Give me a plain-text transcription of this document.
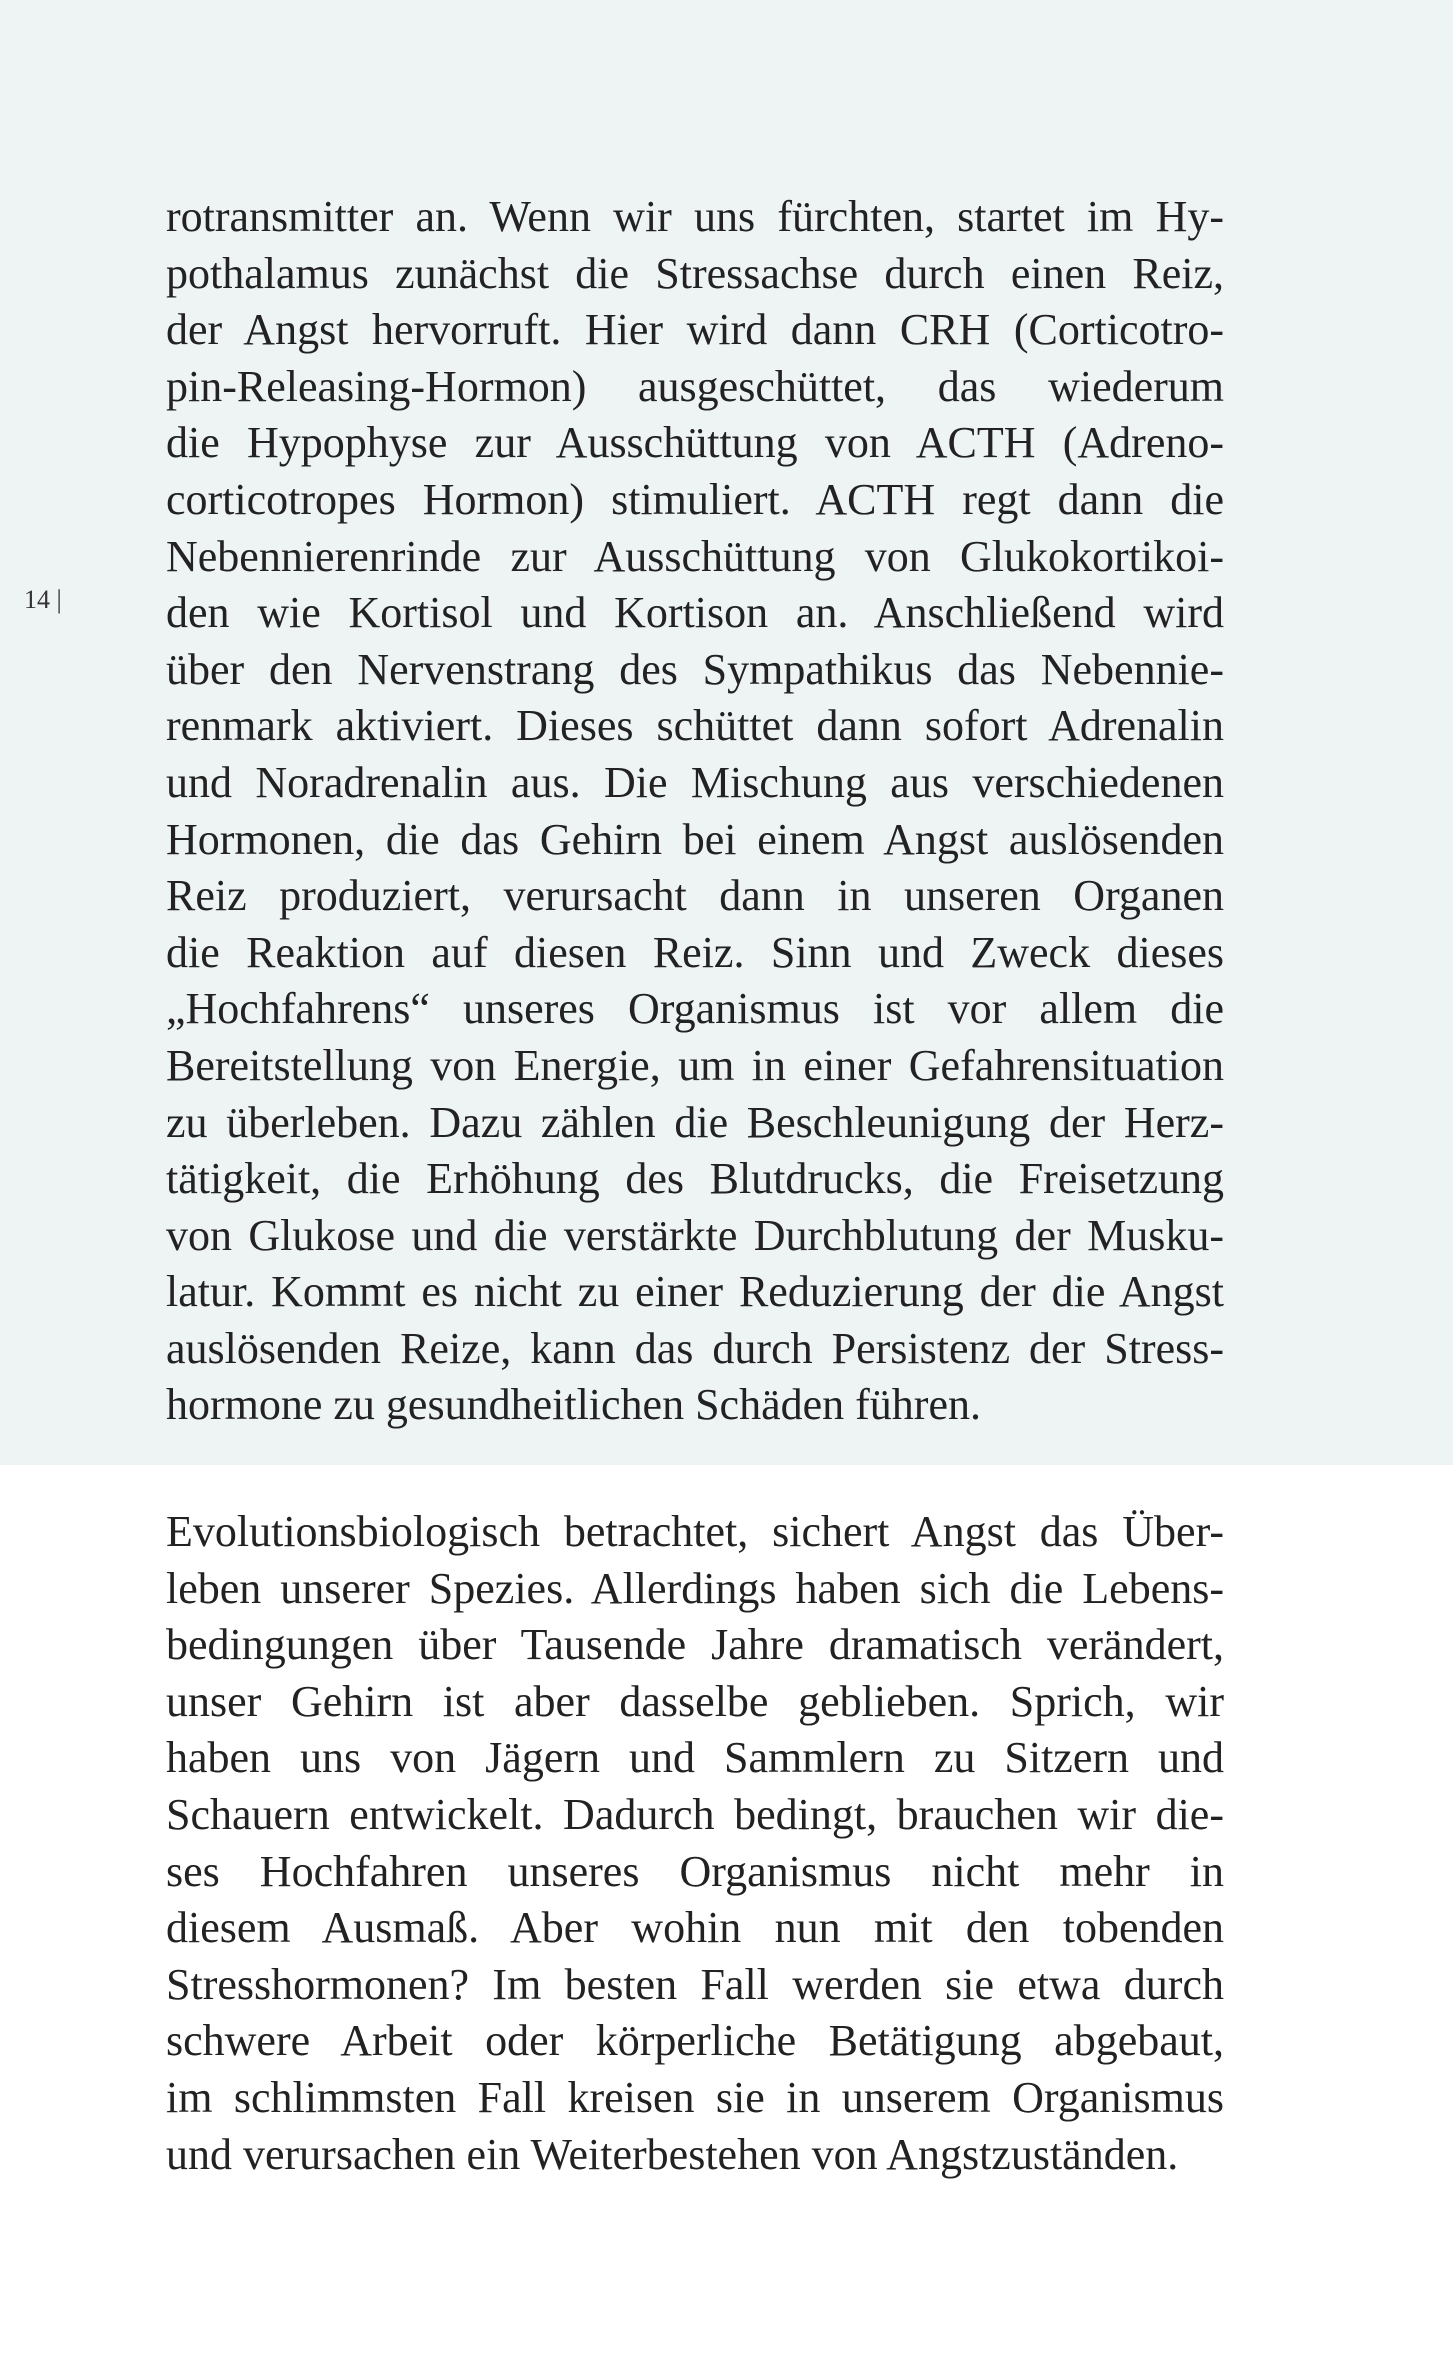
14 |
rotransmitter an. Wenn wir uns fürchten, startet im Hy-
pothalamus zunächst die Stressachse durch einen Reiz,
der Angst hervorruft. Hier wird dann CRH (Corticotro-
pin-Releasing-Hormon) ausgeschüttet, das wiederum
die Hypophyse zur Ausschüttung von ACTH (Adreno-
corticotropes Hormon) stimuliert. ACTH regt dann die
Nebennierenrinde zur Ausschüttung von Glukokortikoi-
den wie Kortisol und Kortison an. Anschließend wird
über den Nervenstrang des Sympathikus das Nebennie-
renmark aktiviert. Dieses schüttet dann sofort Adrenalin
und Noradrenalin aus. Die Mischung aus verschiedenen
Hormonen, die das Gehirn bei einem Angst auslösenden
Reiz produziert, verursacht dann in unseren Organen
die Reaktion auf diesen Reiz. Sinn und Zweck dieses
„Hochfahrens“ unseres Organismus ist vor allem die
Bereitstellung von Energie, um in einer Gefahrensituation
zu überleben. Dazu zählen die Beschleunigung der Herz-
tätigkeit, die Erhöhung des Blutdrucks, die Freisetzung
von Glukose und die verstärkte Durchblutung der Musku-
latur. Kommt es nicht zu einer Reduzierung der die Angst
auslösenden Reize, kann das durch Persistenz der Stress-
hormone zu gesundheitlichen Schäden führen.
Evolutionsbiologisch betrachtet, sichert Angst das Über-
leben unserer Spezies. Allerdings haben sich die Lebens-
bedingungen über Tausende Jahre dramatisch verändert,
unser Gehirn ist aber dasselbe geblieben. Sprich, wir
haben uns von Jägern und Sammlern zu Sitzern und
Schauern entwickelt. Dadurch bedingt, brauchen wir die-
ses Hochfahren unseres Organismus nicht mehr in
diesem Ausmaß. Aber wohin nun mit den tobenden
Stresshormonen? Im besten Fall werden sie etwa durch
schwere Arbeit oder körperliche Betätigung abgebaut,
im schlimmsten Fall kreisen sie in unserem Organismus
und verursachen ein Weiterbestehen von Angstzuständen.
